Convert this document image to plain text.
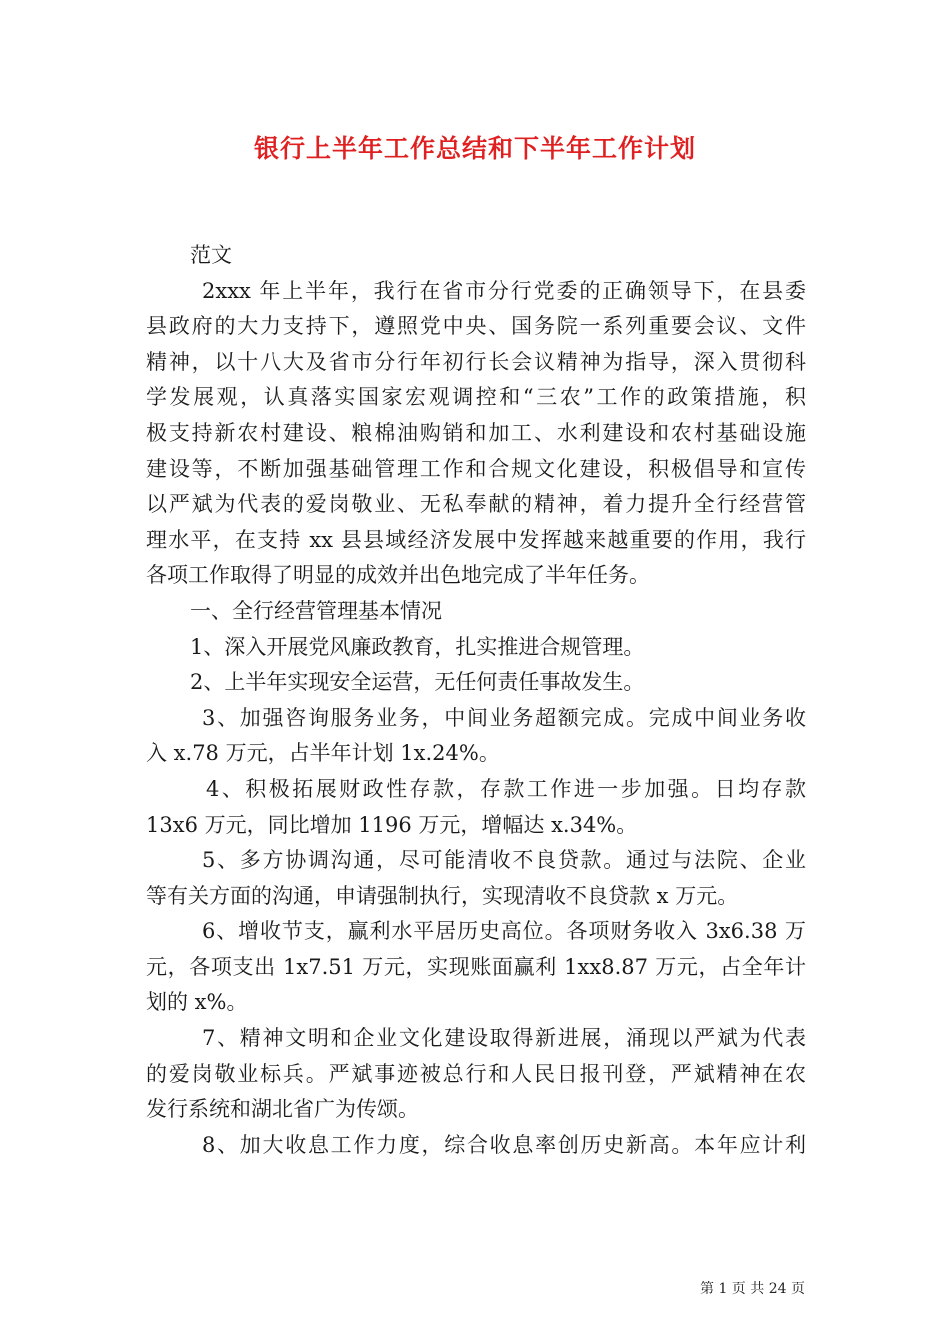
银行上半年工作总结和下半年工作计划
范文
2xxx 年上半年，我行在省市分行党委的正确领导下，在县委
县政府的大力支持下，遵照党中央、国务院一系列重要会议、文件
精神，以十八大及省市分行年初行长会议精神为指导，深入贯彻科
学发展观，认真落实国家宏观调控和“三农”工作的政策措施，积
极支持新农村建设、粮棉油购销和加工、水利建设和农村基础设施
建设等，不断加强基础管理工作和合规文化建设，积极倡导和宣传
以严斌为代表的爱岗敬业、无私奉献的精神，着力提升全行经营管
理水平，在支持 xx 县县域经济发展中发挥越来越重要的作用，我行
各项工作取得了明显的成效并出色地完成了半年任务。
一、全行经营管理基本情况
1、深入开展党风廉政教育，扎实推进合规管理。
2、上半年实现安全运营，无任何责任事故发生。
3、加强咨询服务业务，中间业务超额完成。完成中间业务收
入 x.78 万元，占半年计划 1x.24%。
4、积极拓展财政性存款，存款工作进一步加强。日均存款
13x6 万元，同比增加 1196 万元，增幅达 x.34%。
5、多方协调沟通，尽可能清收不良贷款。通过与法院、企业
等有关方面的沟通，申请强制执行，实现清收不良贷款 x 万元。
6、增收节支，赢利水平居历史高位。各项财务收入 3x6.38 万
元，各项支出 1x7.51 万元，实现账面赢利 1xx8.87 万元，占全年计
划的 x%。
7、精神文明和企业文化建设取得新进展，涌现以严斌为代表
的爱岗敬业标兵。严斌事迹被总行和人民日报刊登，严斌精神在农
发行系统和湖北省广为传颂。
8、加大收息工作力度，综合收息率创历史新高。本年应计利
第 1 页 共 24 页
